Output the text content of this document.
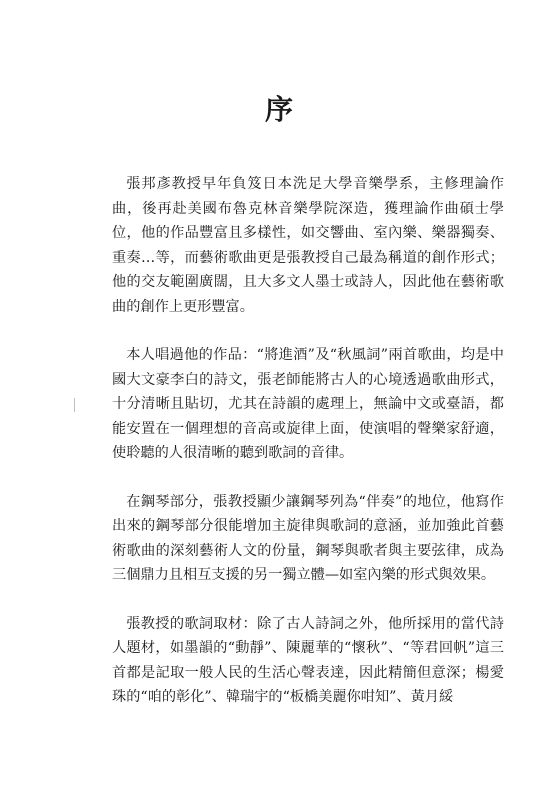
序

張邦彥教授早年負笈日本洗足大學音樂學系，主修理論作曲，後再赴美國布魯克林音樂學院深造，獲理論作曲碩士學位，他的作品豐富且多樣性，如交響曲、室內樂、樂器獨奏、重奏…等，而藝術歌曲更是張教授自己最為稱道的創作形式；他的交友範圍廣闊，且大多文人墨士或詩人，因此他在藝術歌曲的創作上更形豐富。

本人唱過他的作品：“將進酒”及“秋風詞”兩首歌曲，均是中國大文豪李白的詩文，張老師能將古人的心境透過歌曲形式，十分清晰且貼切，尤其在詩韻的處理上，無論中文或臺語，都能安置在一個理想的音高或旋律上面，使演唱的聲樂家舒適，使聆聽的人很清晰的聽到歌詞的音律。

在鋼琴部分，張教授顯少讓鋼琴列為“伴奏”的地位，他寫作出來的鋼琴部分很能增加主旋律與歌詞的意涵，並加強此首藝術歌曲的深刻藝術人文的份量，鋼琴與歌者與主要弦律，成為三個鼎力且相互支援的另一獨立體—如室內樂的形式與效果。

張教授的歌詞取材：除了古人詩詞之外，他所採用的當代詩人題材，如墨韻的“動靜”、陳麗華的“懷秋”、“等君回帆”這三首都是記取一般人民的生活心聲表達，因此精簡但意深；楊愛珠的“咱的彰化”、韓瑞宇的“板橋美麗你咁知”、黃月綏
